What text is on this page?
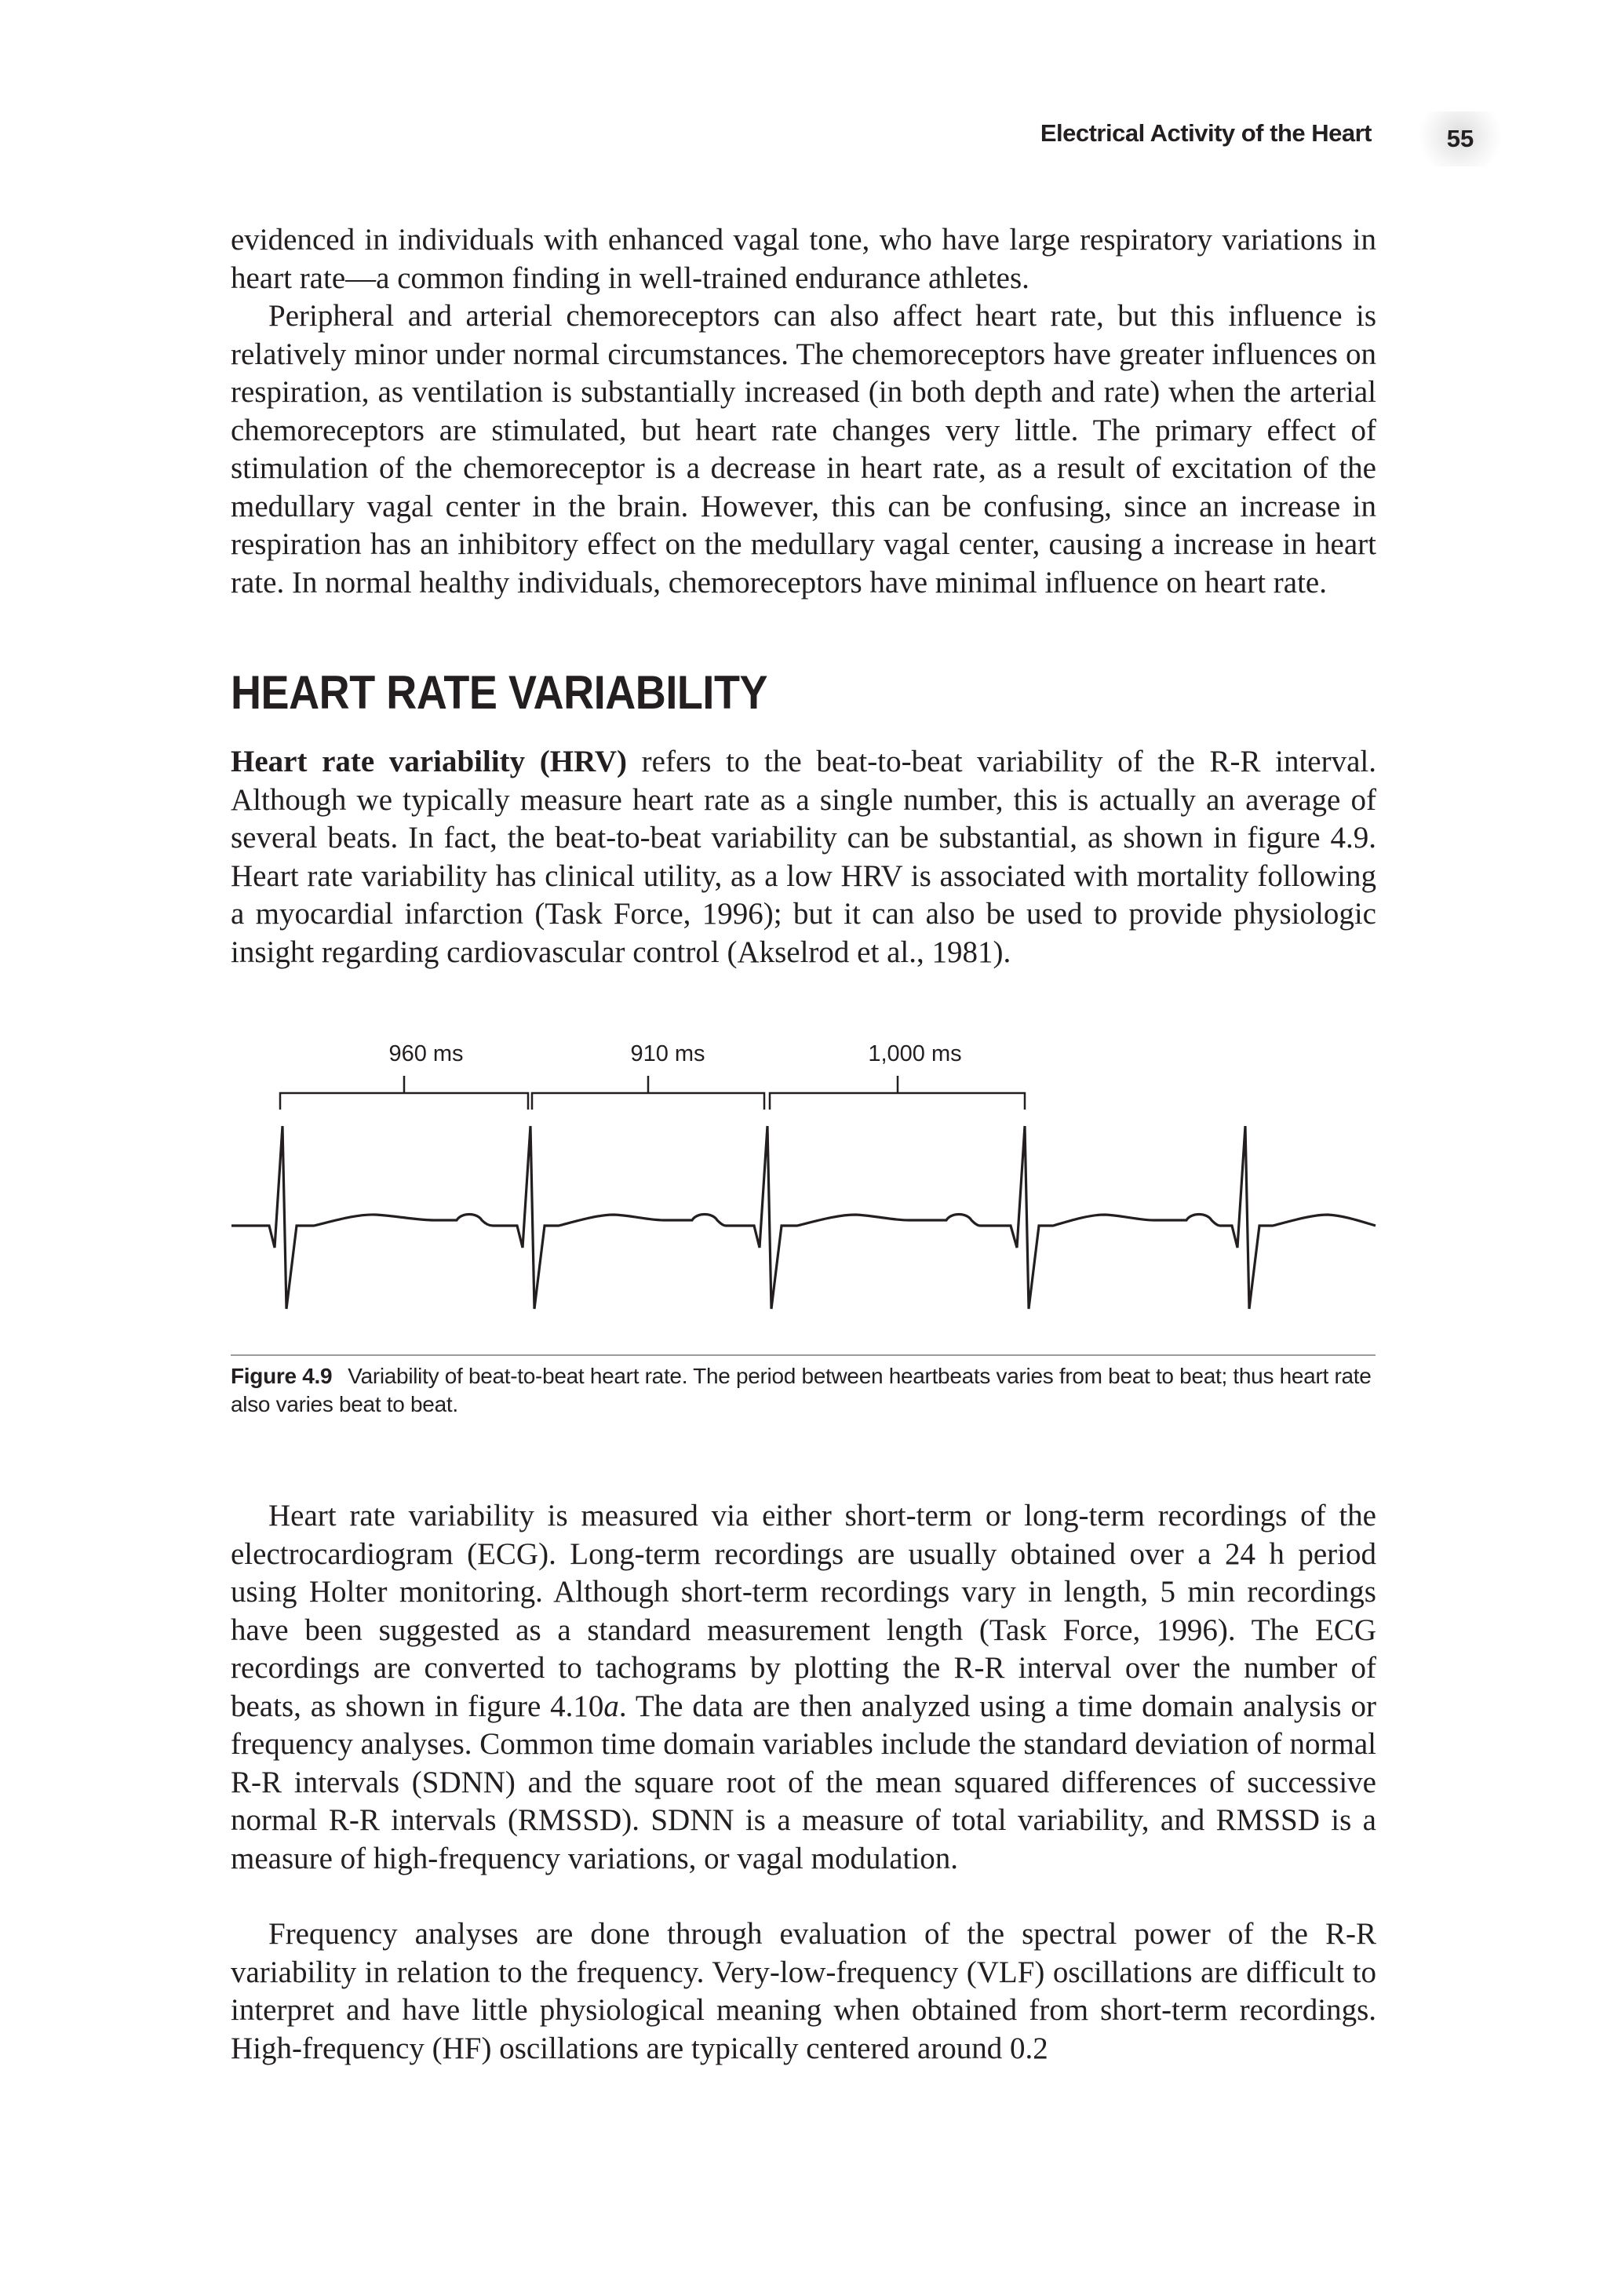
Electrical Activity of the Heart	55

evidenced in individuals with enhanced vagal tone, who have large respiratory variations in heart rate—a common finding in well-trained endurance athletes.

Peripheral and arterial chemoreceptors can also affect heart rate, but this influence is relatively minor under normal circumstances. The chemoreceptors have greater influences on respiration, as ventilation is substantially increased (in both depth and rate) when the arterial chemoreceptors are stimulated, but heart rate changes very little. The primary effect of stimulation of the chemoreceptor is a decrease in heart rate, as a result of excitation of the medullary vagal center in the brain. However, this can be confusing, since an increase in respiration has an inhibitory effect on the medullary vagal center, causing a increase in heart rate. In normal healthy individuals, chemoreceptors have minimal influence on heart rate.

HEART RATE VARIABILITY

Heart rate variability (HRV) refers to the beat-to-beat variability of the R-R interval. Although we typically measure heart rate as a single number, this is actually an average of several beats. In fact, the beat-to-beat variability can be substantial, as shown in figure 4.9. Heart rate variability has clinical utility, as a low HRV is associated with mortality following a myocardial infarction (Task Force, 1996); but it can also be used to provide physiologic insight regarding cardiovascular control (Akselrod et al., 1981).

960 ms	910 ms	1,000 ms
Figure 4.9 Variability of beat-to-beat heart rate. The period between heartbeats varies from beat to beat; thus heart rate also varies beat to beat.

Heart rate variability is measured via either short-term or long-term recordings of the electrocardiogram (ECG). Long-term recordings are usually obtained over a 24 h period using Holter monitoring. Although short-term recordings vary in length, 5 min recordings have been suggested as a standard measurement length (Task Force, 1996). The ECG recordings are converted to tachograms by plotting the R-R interval over the number of beats, as shown in figure 4.10a. The data are then analyzed using a time domain analysis or frequency analyses. Common time domain variables include the standard deviation of normal R-R intervals (SDNN) and the square root of the mean squared differences of successive normal R-R intervals (RMSSD). SDNN is a measure of total variability, and RMSSD is a measure of high-frequency variations, or vagal modulation.

Frequency analyses are done through evaluation of the spectral power of the R-R variability in relation to the frequency. Very-low-frequency (VLF) oscillations are difficult to interpret and have little physiological meaning when obtained from short-term recordings. High-frequency (HF) oscillations are typically centered around 0.2
